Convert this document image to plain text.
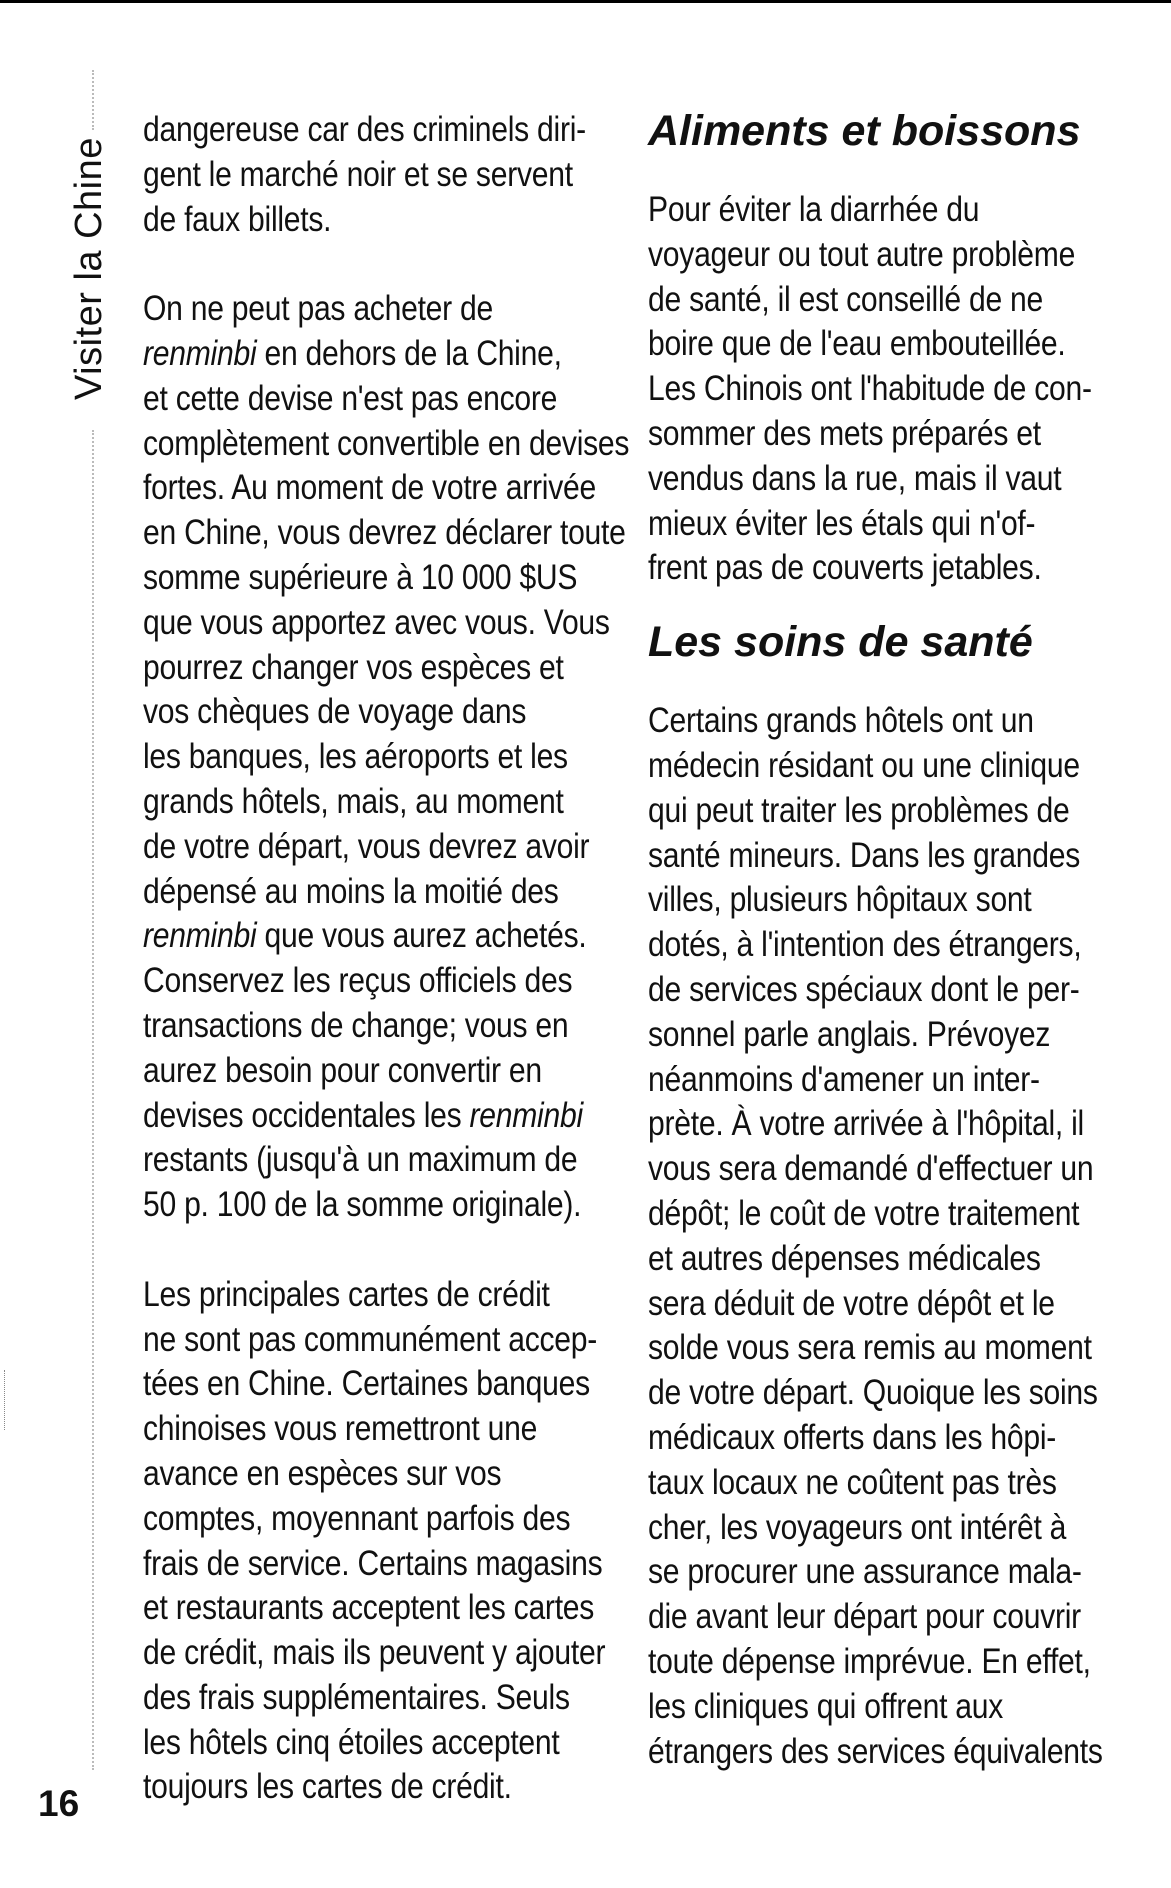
Visiter la Chine
16

dangereuse car des criminels diri-
gent le marché noir et se servent
de faux billets.

On ne peut pas acheter de
renminbi en dehors de la Chine,
et cette devise n'est pas encore
complètement convertible en devises
fortes. Au moment de votre arrivée
en Chine, vous devrez déclarer toute
somme supérieure à 10 000 $US
que vous apportez avec vous. Vous
pourrez changer vos espèces et
vos chèques de voyage dans
les banques, les aéroports et les
grands hôtels, mais, au moment
de votre départ, vous devrez avoir
dépensé au moins la moitié des
renminbi que vous aurez achetés.
Conservez les reçus officiels des
transactions de change; vous en
aurez besoin pour convertir en
devises occidentales les renminbi
restants (jusqu'à un maximum de
50 p. 100 de la somme originale).

Les principales cartes de crédit
ne sont pas communément accep-
tées en Chine. Certaines banques
chinoises vous remettront une
avance en espèces sur vos
comptes, moyennant parfois des
frais de service. Certains magasins
et restaurants acceptent les cartes
de crédit, mais ils peuvent y ajouter
des frais supplémentaires. Seuls
les hôtels cinq étoiles acceptent
toujours les cartes de crédit.

Aliments et boissons

Pour éviter la diarrhée du
voyageur ou tout autre problème
de santé, il est conseillé de ne
boire que de l'eau embouteillée.
Les Chinois ont l'habitude de con-
sommer des mets préparés et
vendus dans la rue, mais il vaut
mieux éviter les étals qui n'of-
frent pas de couverts jetables.

Les soins de santé

Certains grands hôtels ont un
médecin résidant ou une clinique
qui peut traiter les problèmes de
santé mineurs. Dans les grandes
villes, plusieurs hôpitaux sont
dotés, à l'intention des étrangers,
de services spéciaux dont le per-
sonnel parle anglais. Prévoyez
néanmoins d'amener un inter-
prète. À votre arrivée à l'hôpital, il
vous sera demandé d'effectuer un
dépôt; le coût de votre traitement
et autres dépenses médicales
sera déduit de votre dépôt et le
solde vous sera remis au moment
de votre départ. Quoique les soins
médicaux offerts dans les hôpi-
taux locaux ne coûtent pas très
cher, les voyageurs ont intérêt à
se procurer une assurance mala-
die avant leur départ pour couvrir
toute dépense imprévue. En effet,
les cliniques qui offrent aux
étrangers des services équivalents
